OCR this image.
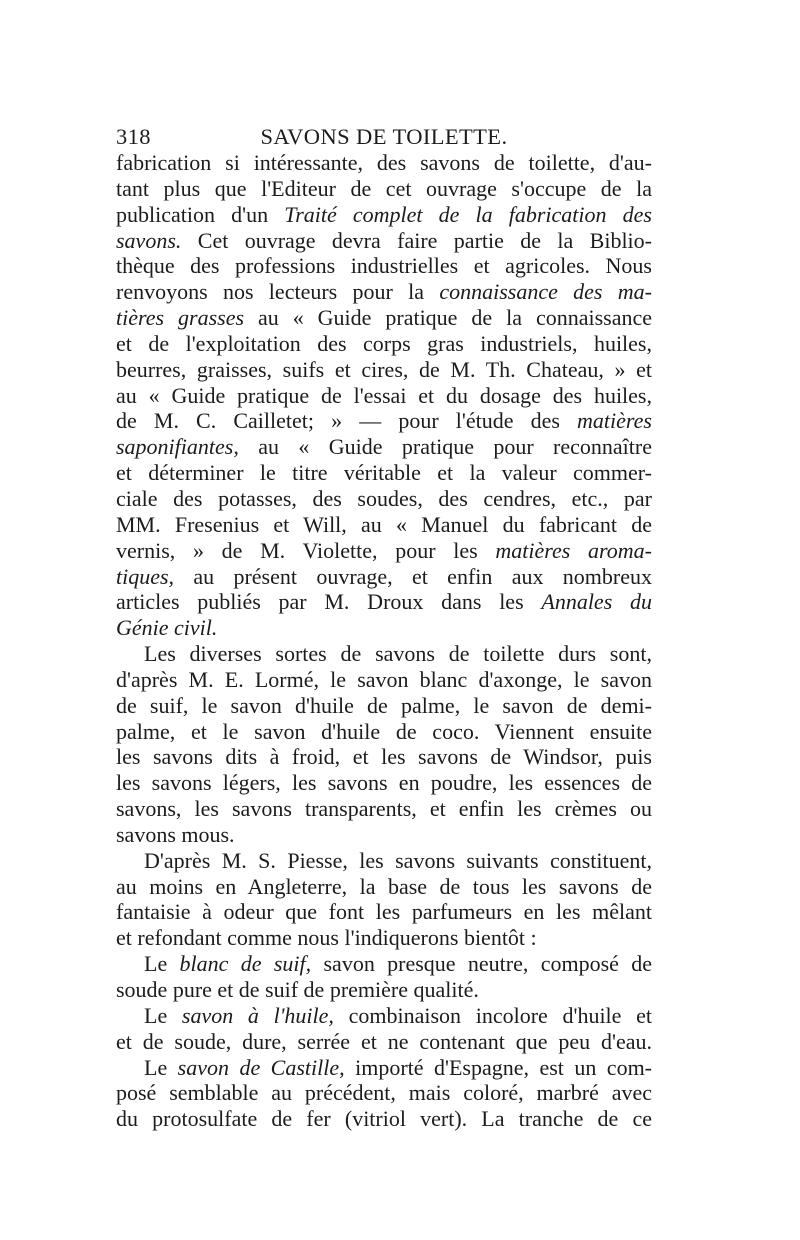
318	SAVONS DE TOILETTE.
fabrication si intéressante, des savons de toilette, d'au-
tant plus que l'Editeur de cet ouvrage s'occupe de la
publication d'un Traité complet de la fabrication des
savons. Cet ouvrage devra faire partie de la Biblio-
thèque des professions industrielles et agricoles. Nous
renvoyons nos lecteurs pour la connaissance des ma-
tières grasses au « Guide pratique de la connaissance
et de l'exploitation des corps gras industriels, huiles,
beurres, graisses, suifs et cires, de M. Th. Chateau, » et
au « Guide pratique de l'essai et du dosage des huiles,
de M. C. Cailletet; » — pour l'étude des matières
saponifiantes, au « Guide pratique pour reconnaître
et déterminer le titre véritable et la valeur commer-
ciale des potasses, des soudes, des cendres, etc., par
MM. Fresenius et Will, au « Manuel du fabricant de
vernis, » de M. Violette, pour les matières aroma-
tiques, au présent ouvrage, et enfin aux nombreux
articles publiés par M. Droux dans les Annales du
Génie civil.
Les diverses sortes de savons de toilette durs sont,
d'après M. E. Lormé, le savon blanc d'axonge, le savon
de suif, le savon d'huile de palme, le savon de demi-
palme, et le savon d'huile de coco. Viennent ensuite
les savons dits à froid, et les savons de Windsor, puis
les savons légers, les savons en poudre, les essences de
savons, les savons transparents, et enfin les crèmes ou
savons mous.
D'après M. S. Piesse, les savons suivants constituent,
au moins en Angleterre, la base de tous les savons de
fantaisie à odeur que font les parfumeurs en les mêlant
et refondant comme nous l'indiquerons bientôt :
Le blanc de suif, savon presque neutre, composé de
soude pure et de suif de première qualité.
Le savon à l'huile, combinaison incolore d'huile et
et de soude, dure, serrée et ne contenant que peu d'eau.
Le savon de Castille, importé d'Espagne, est un com-
posé semblable au précédent, mais coloré, marbré avec
du protosulfate de fer (vitriol vert). La tranche de ce
